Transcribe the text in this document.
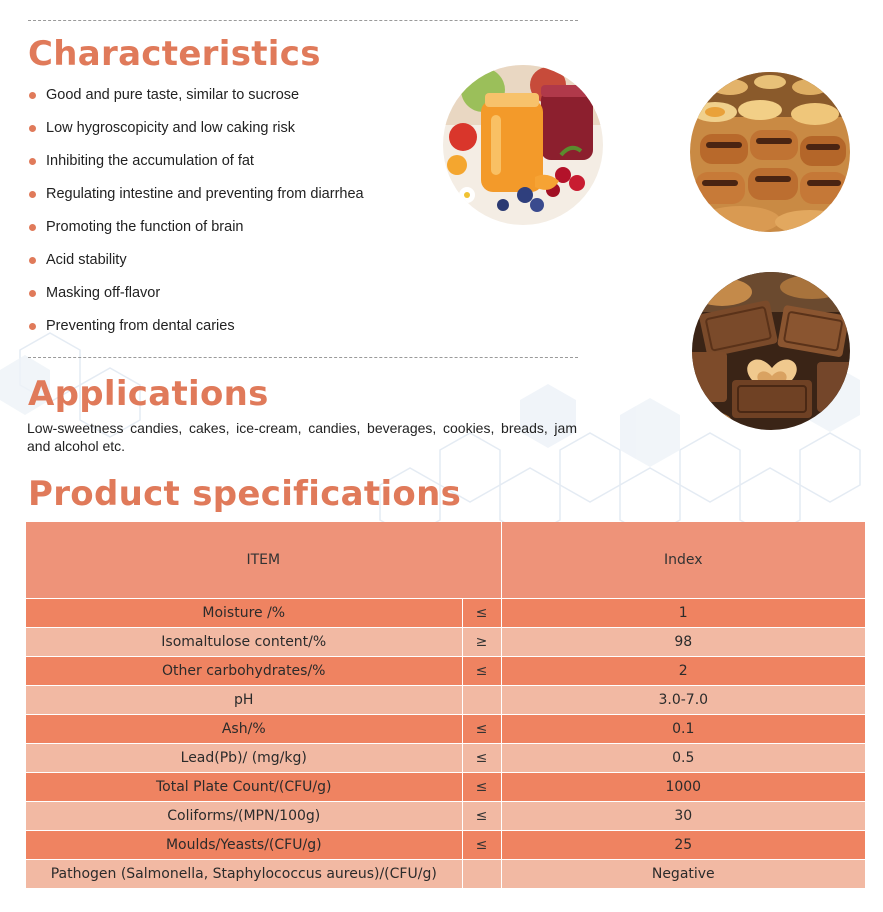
Characteristics
Good and pure taste, similar to sucrose
Low hygroscopicity and low caking risk
Inhibiting the accumulation of fat
Regulating intestine and preventing from diarrhea
Promoting the function of brain
Acid stability
Masking off-flavor
Preventing from dental caries
Applications

Low-sweetness candies, cakes, ice-cream, candies, beverages, cookies, breads, jam and alcohol etc.

Product specifications
ITEM		Index
Moisture /%	≤	1
Isomaltulose content/%	≥	98
Other carbohydrates/%	≤	2
pH		3.0-7.0
Ash/%	≤	0.1
Lead(Pb)/ (mg/kg)	≤	0.5
Total Plate Count/(CFU/g)	≤	1000
Coliforms/(MPN/100g)	≤	30
Moulds/Yeasts/(CFU/g)	≤	25
Pathogen (Salmonella, Staphylococcus aureus)/(CFU/g)		Negative
